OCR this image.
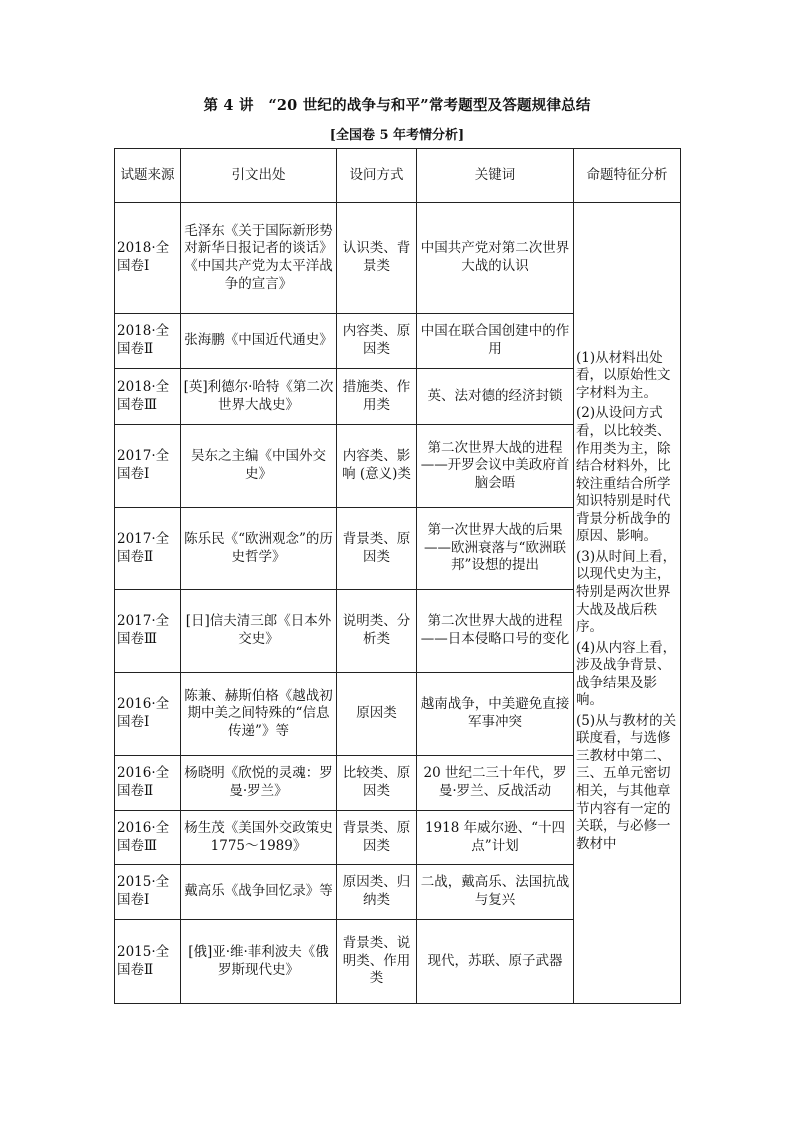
第 4 讲　“20 世纪的战争与和平”常考题型及答题规律总结
[全国卷 5 年考情分析]
试题来源	引文出处	设问方式	关键词	命题特征分析
2018·全国卷Ⅰ	毛泽东《关于国际新形势对新华日报记者的谈话》《中国共产党为太平洋战争的宣言》	认识类、背景类	中国共产党对第二次世界大战的认识	(1)从材料出处看，以原始性文字材料为主。

(2)从设问方式看，以比较类、作用类为主，除结合材料外，比较注重结合所学知识特别是时代背景分析战争的原因、影响。

(3)从时间上看，以现代史为主，特别是两次世界大战及战后秩序。

(4)从内容上看，涉及战争背景、战争结果及影响。

(5)从与教材的关联度看，与选修三教材中第二、三、五单元密切相关，与其他章节内容有一定的关联，与必修一教材中

2018·全国卷Ⅱ	张海鹏《中国近代通史》	内容类、原因类	中国在联合国创建中的作用	
2018·全国卷Ⅲ	[英]利德尔·哈特《第二次世界大战史》	措施类、作用类	英、法对德的经济封锁	
2017·全国卷Ⅰ	吴东之主编《中国外交史》	内容类、影响 (意义)类	第二次世界大战的进程——开罗会议中美政府首脑会晤	
2017·全国卷Ⅱ	陈乐民《“欧洲观念”的历史哲学》	背景类、原因类	第一次世界大战的后果——欧洲衰落与“欧洲联邦”设想的提出	
2017·全国卷Ⅲ	[日]信夫清三郎《日本外交史》	说明类、分析类	第二次世界大战的进程——日本侵略口号的变化	
2016·全国卷Ⅰ	陈兼、赫斯伯格《越战初期中美之间特殊的“信息传递”》等	原因类	越南战争，中美避免直接军事冲突	
2016·全国卷Ⅱ	杨晓明《欣悦的灵魂：罗曼·罗兰》	比较类、原因类	20 世纪二三十年代，罗曼·罗兰、反战活动	
2016·全国卷Ⅲ	杨生茂《美国外交政策史 1775～1989》	背景类、原因类	1918 年威尔逊、“十四点”计划	
2015·全国卷Ⅰ	戴高乐《战争回忆录》等	原因类、归纳类	二战，戴高乐、法国抗战与复兴	
2015·全国卷Ⅱ	[俄]亚·维·菲利波夫《俄罗斯现代史》	背景类、说明类、作用类	现代，苏联、原子武器	
